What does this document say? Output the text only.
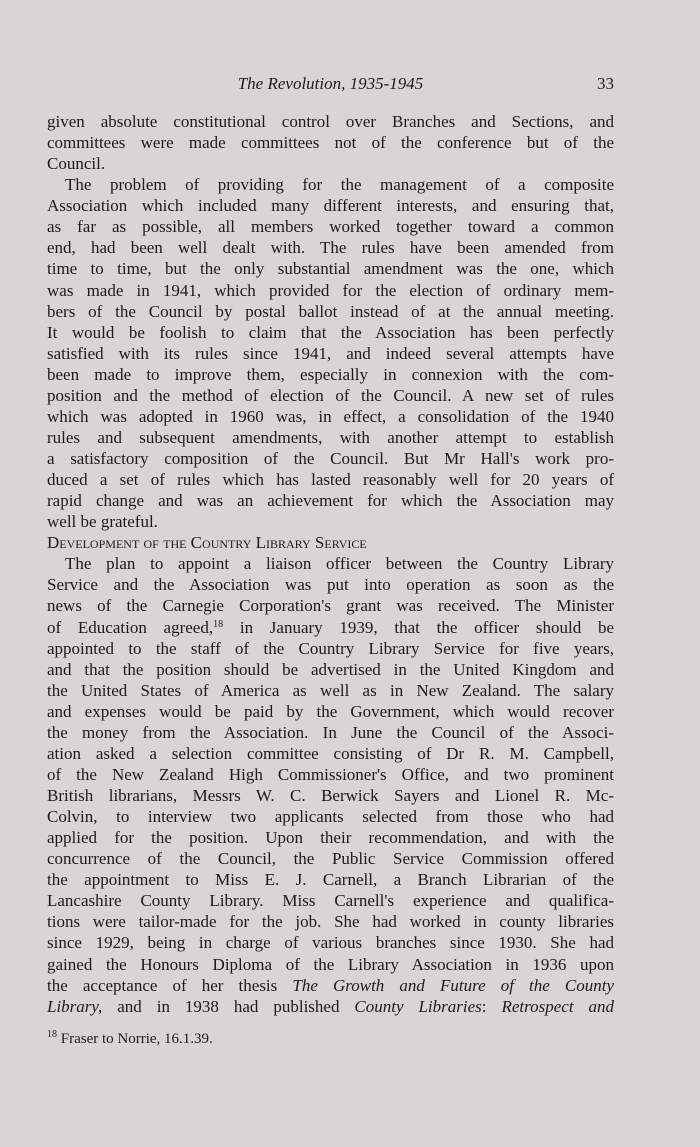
The Revolution, 1935-1945	33
given absolute constitutional control over Branches and Sections, and
committees were made committees not of the conference but of the
Council.
The problem of providing for the management of a composite
Association which included many different interests, and ensuring that,
as far as possible, all members worked together toward a common
end, had been well dealt with. The rules have been amended from
time to time, but the only substantial amendment was the one, which
was made in 1941, which provided for the election of ordinary mem-
bers of the Council by postal ballot instead of at the annual meeting.
It would be foolish to claim that the Association has been perfectly
satisfied with its rules since 1941, and indeed several attempts have
been made to improve them, especially in connexion with the com-
position and the method of election of the Council. A new set of rules
which was adopted in 1960 was, in effect, a consolidation of the 1940
rules and subsequent amendments, with another attempt to establish
a satisfactory composition of the Council. But Mr Hall's work pro-
duced a set of rules which has lasted reasonably well for 20 years of
rapid change and was an achievement for which the Association may
well be grateful.
Development of the Country Library Service
The plan to appoint a liaison officer between the Country Library
Service and the Association was put into operation as soon as the
news of the Carnegie Corporation's grant was received. The Minister
of Education agreed,$^{18}$ in January 1939, that the officer should be
appointed to the staff of the Country Library Service for five years,
and that the position should be advertised in the United Kingdom and
the United States of America as well as in New Zealand. The salary
and expenses would be paid by the Government, which would recover
the money from the Association. In June the Council of the Associ-
ation asked a selection committee consisting of Dr R. M. Campbell,
of the New Zealand High Commissioner's Office, and two prominent
British librarians, Messrs W. C. Berwick Sayers and Lionel R. Mc-
Colvin, to interview two applicants selected from those who had
applied for the position. Upon their recommendation, and with the
concurrence of the Council, the Public Service Commission offered
the appointment to Miss E. J. Carnell, a Branch Librarian of the
Lancashire County Library. Miss Carnell's experience and qualifica-
tions were tailor-made for the job. She had worked in county libraries
since 1929, being in charge of various branches since 1930. She had
gained the Honours Diploma of the Library Association in 1936 upon
the acceptance of her thesis The Growth and Future of the County
Library, and in 1938 had published County Libraries: Retrospect and
$^{18}$ Fraser to Norrie, 16.1.39.
